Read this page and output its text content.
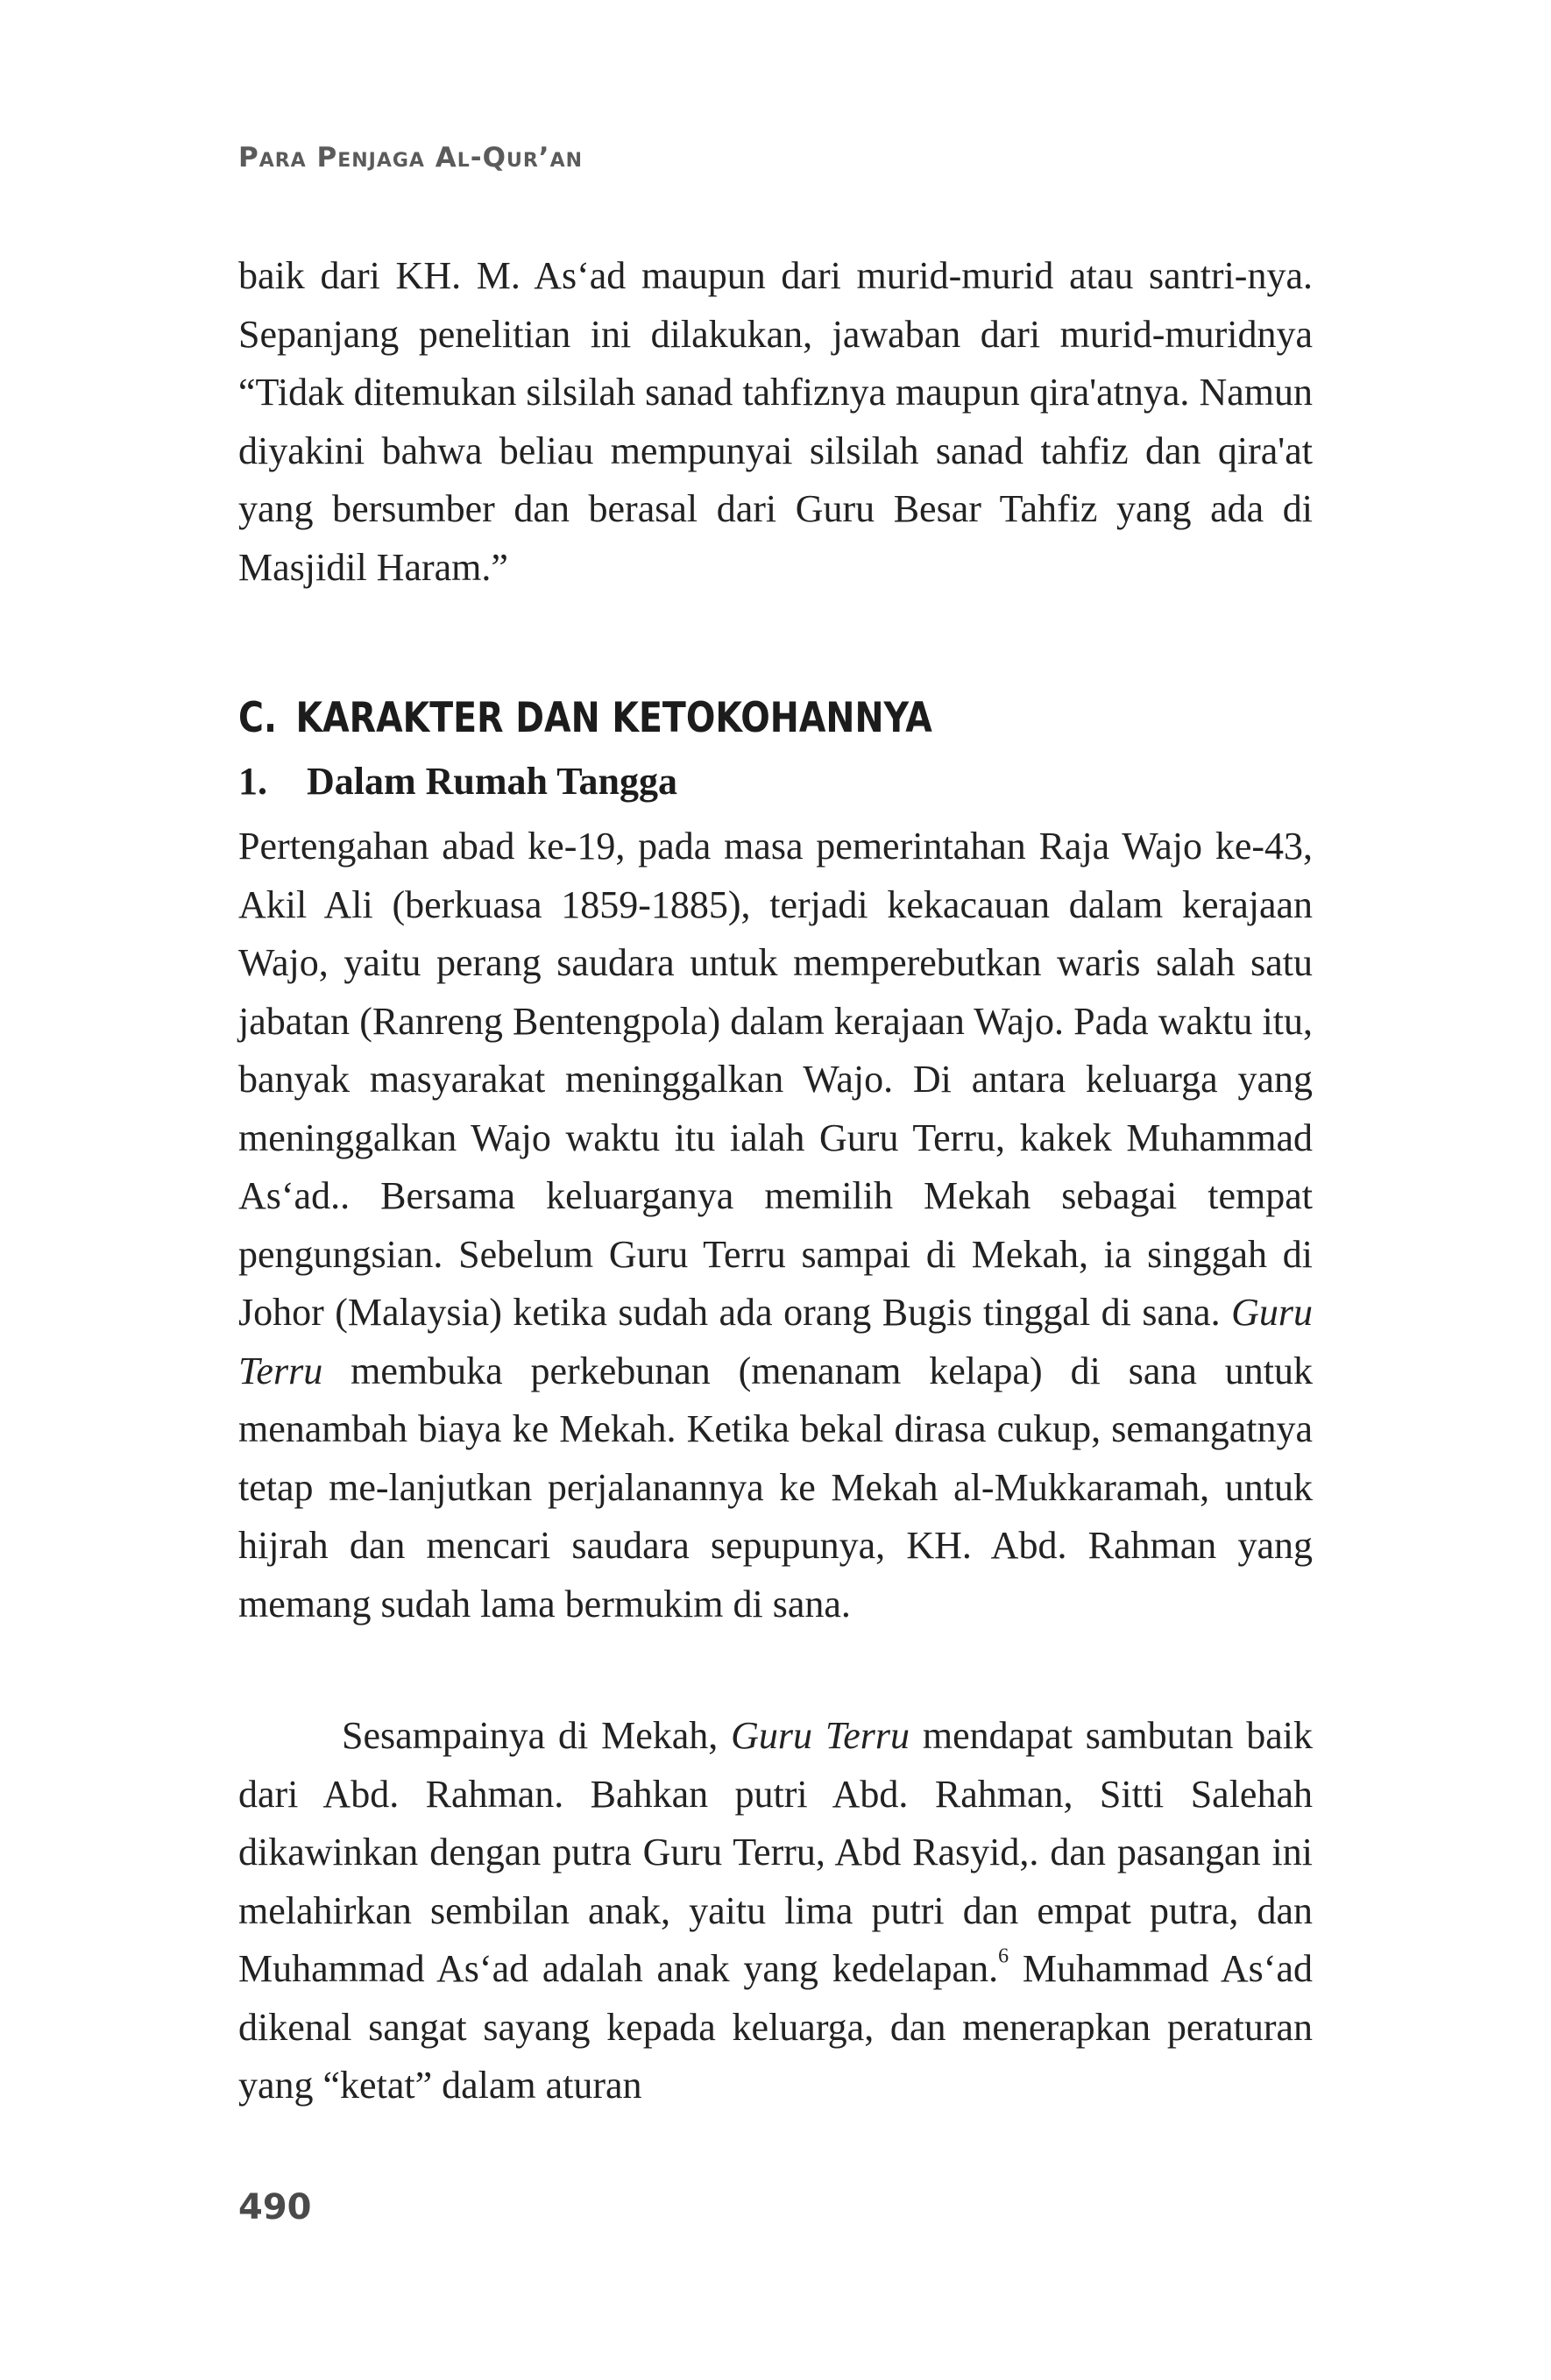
Para Penjaga Al-Qur’an

baik dari KH. M. As‘ad maupun dari murid-murid atau santri-nya. Sepanjang penelitian ini dilakukan, jawaban dari murid-muridnya “Tidak ditemukan silsilah sanad tahfiznya maupun qira'atnya. Namun diyakini bahwa beliau mempunyai silsilah sanad tahfiz dan qira'at yang bersumber dan berasal dari Guru Besar Tahfiz yang ada di Masjidil Haram.”

C. KARAKTER DAN KETOKOHANNYA
1. Dalam Rumah Tangga

Pertengahan abad ke-19, pada masa pemerintahan Raja Wajo ke-43, Akil Ali (berkuasa 1859-1885), terjadi kekacauan dalam kerajaan Wajo, yaitu perang saudara untuk memperebutkan waris salah satu jabatan (Ranreng Bentengpola) dalam kerajaan Wajo. Pada waktu itu, banyak masyarakat meninggalkan Wajo. Di antara keluarga yang meninggalkan Wajo waktu itu ialah Guru Terru, kakek Muhammad As‘ad.. Bersama keluarganya memilih Mekah sebagai tempat pengungsian. Sebelum Guru Terru sampai di Mekah, ia singgah di Johor (Malaysia) ketika sudah ada orang Bugis tinggal di sana. Guru Terru membuka perkebunan (menanam kelapa) di sana untuk menambah biaya ke Mekah. Ketika bekal dirasa cukup, semangatnya tetap me-lanjutkan perjalanannya ke Mekah al-Mukkaramah, untuk hijrah dan mencari saudara sepupunya, KH. Abd. Rahman yang memang sudah lama bermukim di sana.

Sesampainya di Mekah, Guru Terru mendapat sambutan baik dari Abd. Rahman. Bahkan putri Abd. Rahman, Sitti Salehah dikawinkan dengan putra Guru Terru, Abd Rasyid,. dan pasangan ini melahirkan sembilan anak, yaitu lima putri dan empat putra, dan Muhammad As‘ad adalah anak yang kedelapan.$^6$ Muhammad As‘ad dikenal sangat sayang kepada keluarga, dan menerapkan peraturan yang “ketat” dalam aturan

490
